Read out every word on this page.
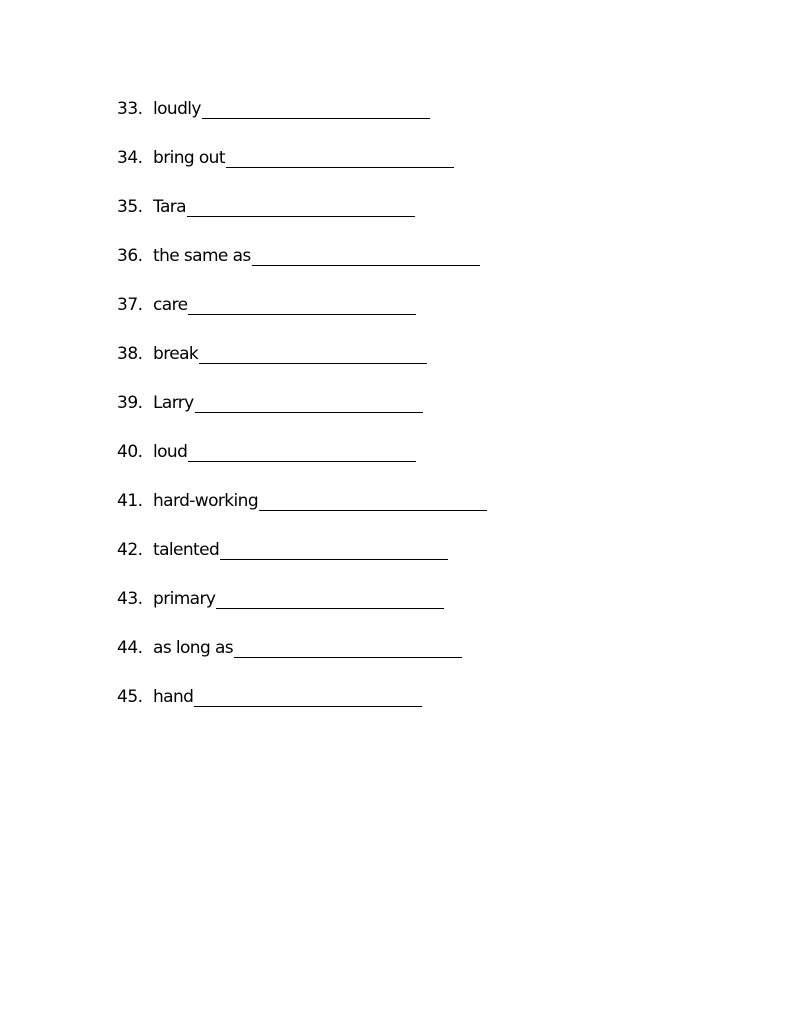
33. loudly
34. bring out
35. Tara
36. the same as
37. care
38. break
39. Larry
40. loud
41. hard-working
42. talented
43. primary
44. as long as
45. hand
